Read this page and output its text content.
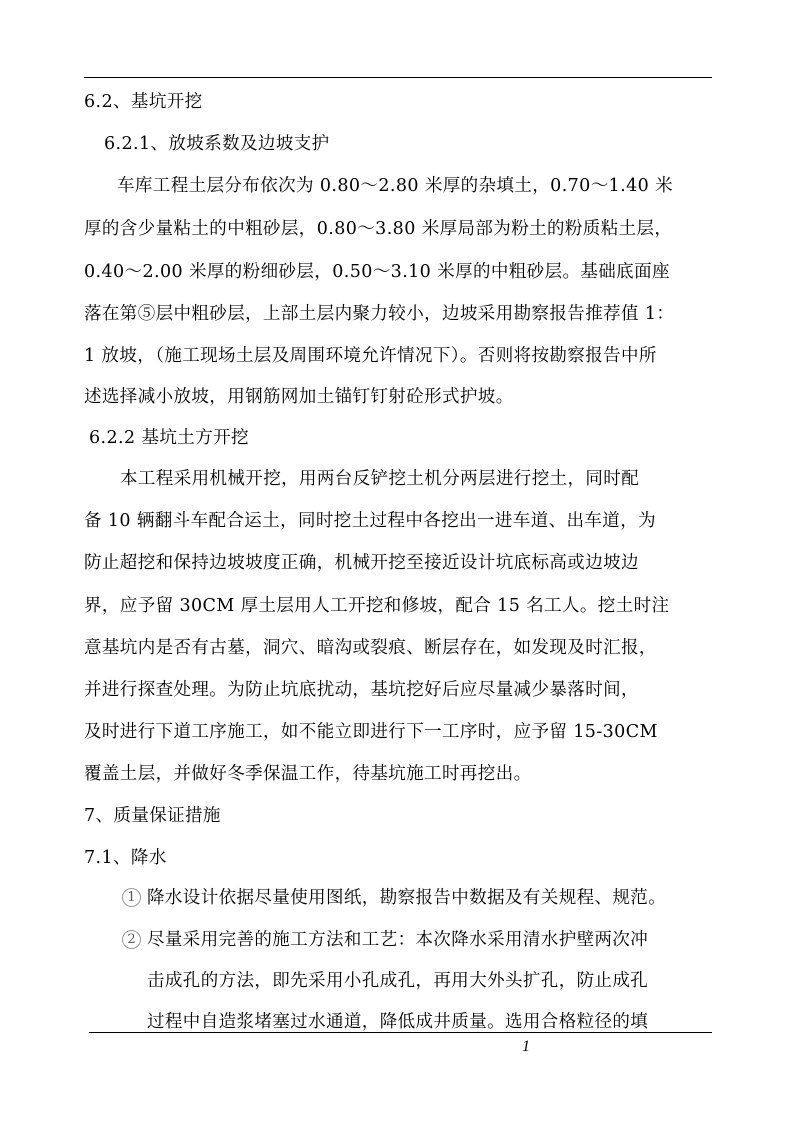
6.2、基坑开挖
6.2.1、放坡系数及边坡支护
车库工程土层分布依次为 0.80～2.80 米厚的杂填土，0.70～1.40 米
厚的含少量粘土的中粗砂层，0.80～3.80 米厚局部为粉土的粉质粘土层，
0.40～2.00 米厚的粉细砂层，0.50～3.10 米厚的中粗砂层。基础底面座
落在第⑤层中粗砂层，上部土层内聚力较小，边坡采用勘察报告推荐值 1：
1 放坡，（施工现场土层及周围环境允许情况下）。否则将按勘察报告中所
述选择减小放坡，用钢筋网加土锚钉钉射砼形式护坡。
6.2.2 基坑土方开挖
本工程采用机械开挖，用两台反铲挖土机分两层进行挖土，同时配
备 10 辆翻斗车配合运土，同时挖土过程中各挖出一进车道、出车道，为
防止超挖和保持边坡坡度正确，机械开挖至接近设计坑底标高或边坡边
界，应予留 30CM 厚土层用人工开挖和修坡，配合 15 名工人。挖土时注
意基坑内是否有古墓，洞穴、暗沟或裂痕、断层存在，如发现及时汇报，
并进行探查处理。为防止坑底扰动，基坑挖好后应尽量减少暴落时间，
及时进行下道工序施工，如不能立即进行下一工序时，应予留 15-30CM
覆盖土层，并做好冬季保温工作，待基坑施工时再挖出。
7、质量保证措施
7.1、降水
1 降水设计依据尽量使用图纸，勘察报告中数据及有关规程、规范。
2 尽量采用完善的施工方法和工艺：本次降水采用清水护壁两次冲
击成孔的方法，即先采用小孔成孔，再用大外头扩孔，防止成孔
过程中自造浆堵塞过水通道，降低成井质量。选用合格粒径的填
1
